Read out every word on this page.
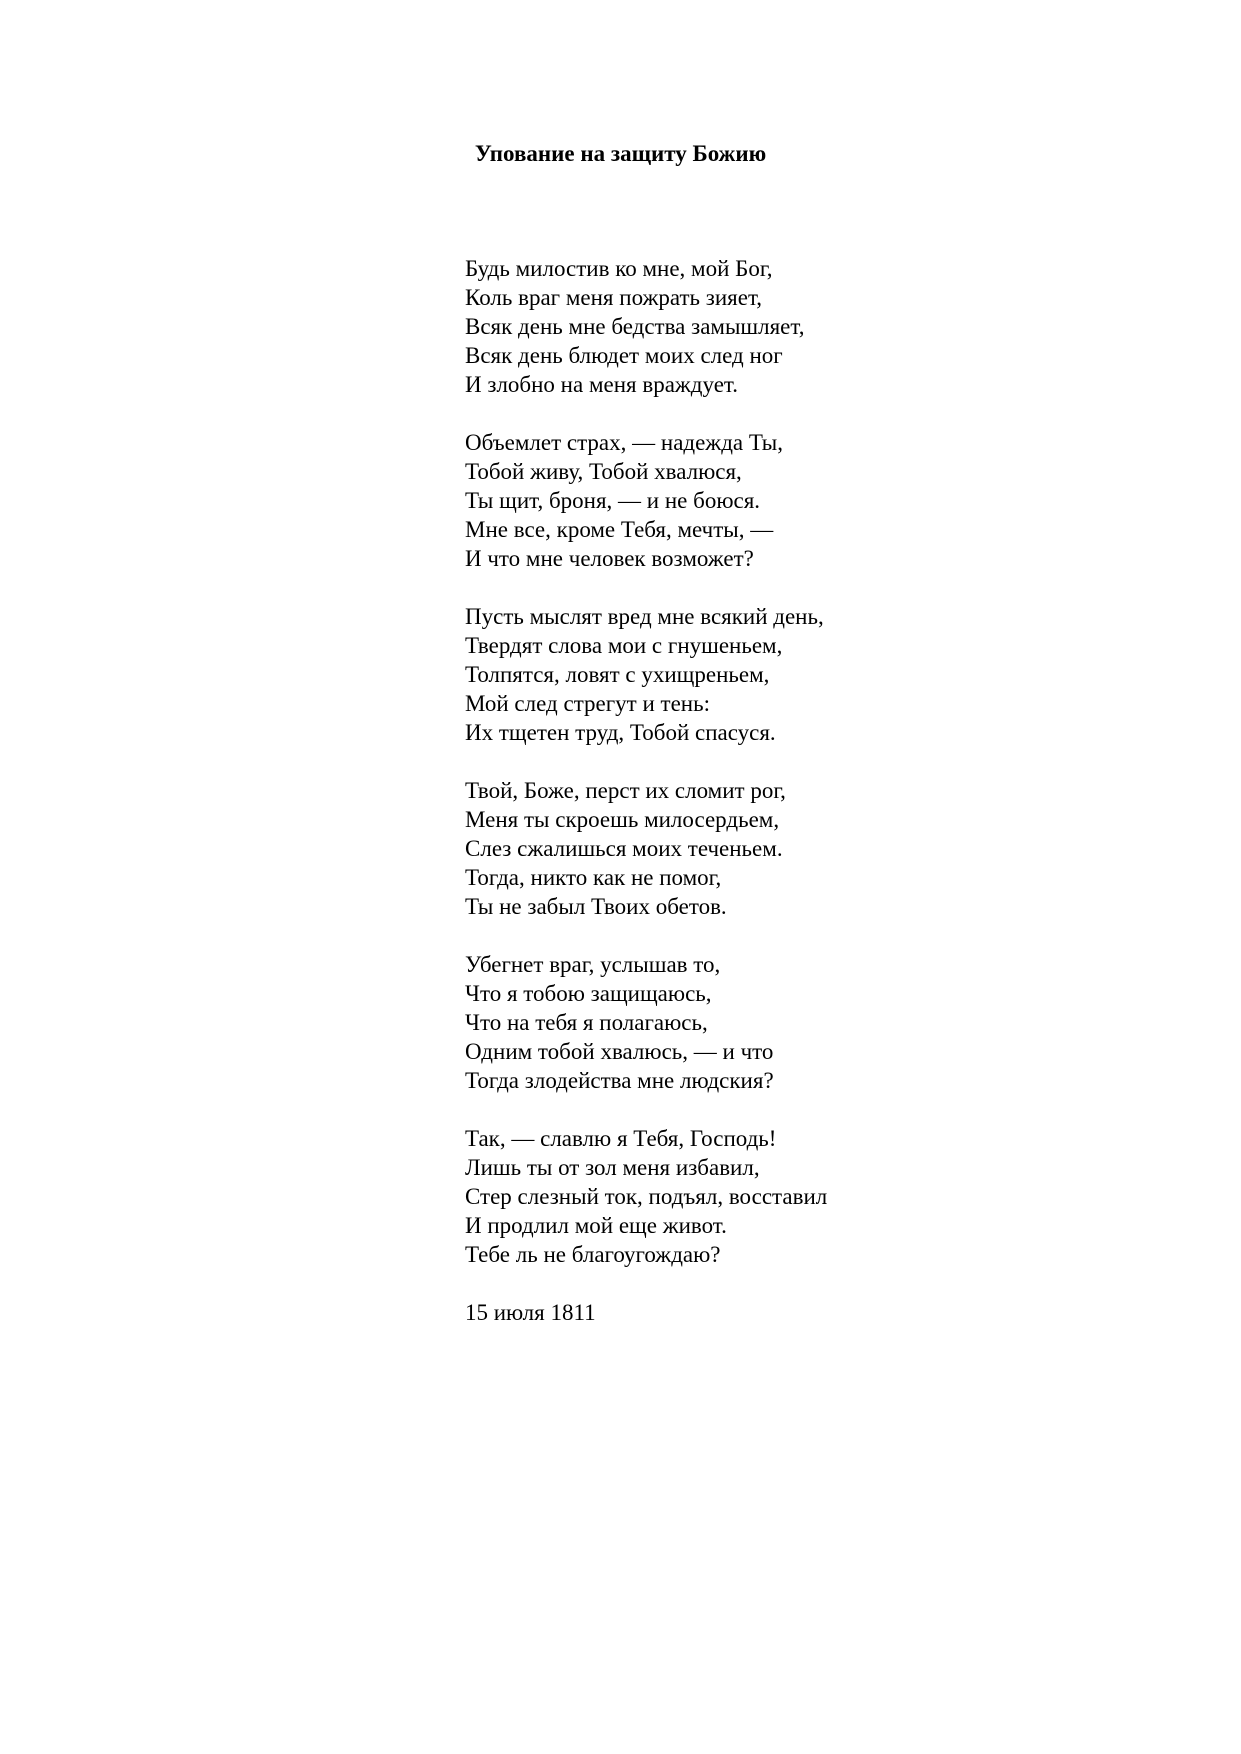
Упование на защиту Божию
Будь милостив ко мне, мой Бог,
Коль враг меня пожрать зияет,
Всяк день мне бедства замышляет,
Всяк день блюдет моих след ног
И злобно на меня враждует.
Объемлет страх, — надежда Ты,
Тобой живу, Тобой хвалюся,
Ты щит, броня, — и не боюся.
Мне все, кроме Тебя, мечты, —
И что мне человек возможет?
Пусть мыслят вред мне всякий день,
Твердят слова мои с гнушеньем,
Толпятся, ловят с ухищреньем,
Мой след стрегут и тень:
Их тщетен труд, Тобой спасуся.
Твой, Боже, перст их сломит рог,
Меня ты скроешь милосердьем,
Слез сжалишься моих теченьем.
Тогда, никто как не помог,
Ты не забыл Твоих обетов.
Убегнет враг, услышав то,
Что я тобою защищаюсь,
Что на тебя я полагаюсь,
Одним тобой хвалюсь, — и что
Тогда злодейства мне людския?
Так, — славлю я Тебя, Господь!
Лишь ты от зол меня избавил,
Стер слезный ток, подъял, восставил
И продлил мой еще живот.
Тебе ль не благоугождаю?
15 июля 1811
